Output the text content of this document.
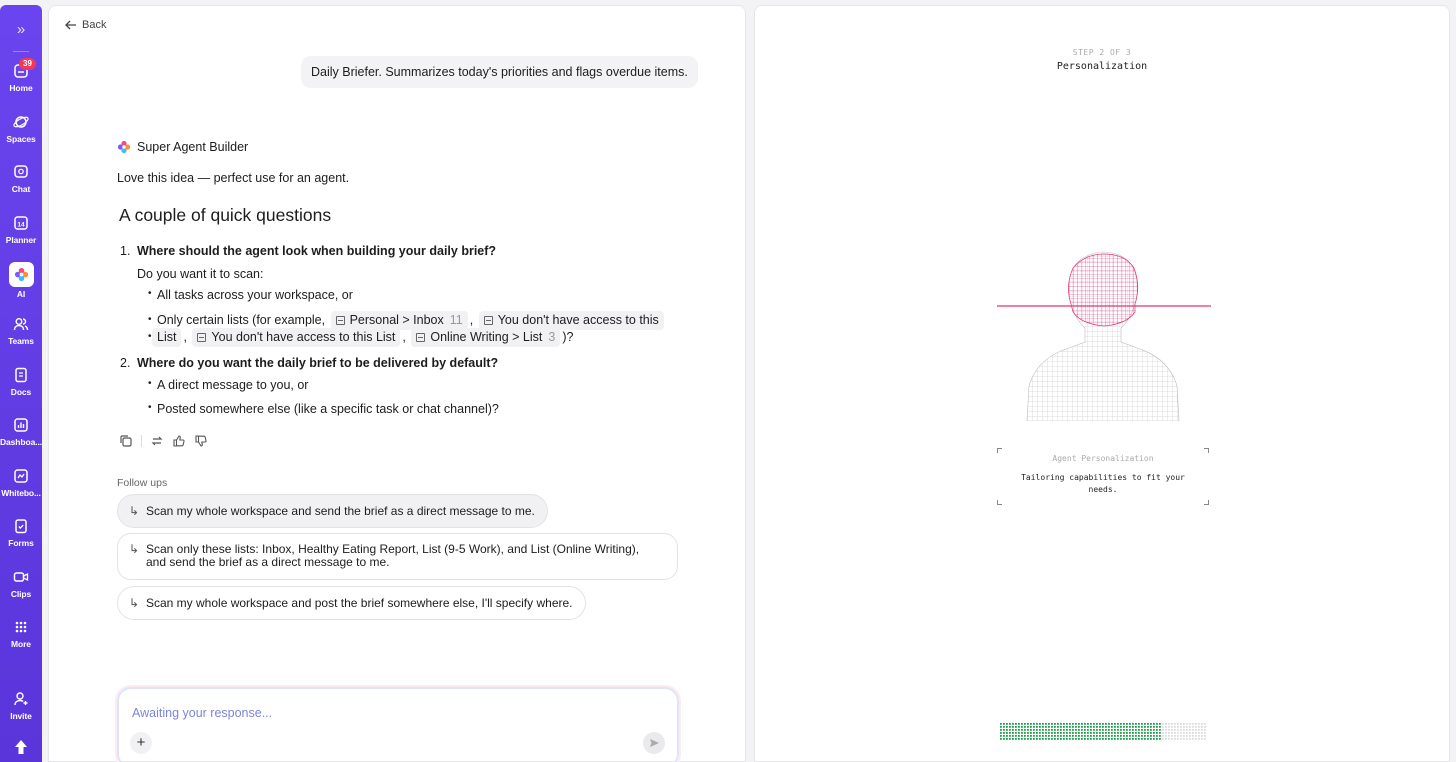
»
39
Home
Spaces
Chat
14
Planner
AI
Teams
Docs
Dashboa...
Whitebo...
Forms
Clips
More
Invite
Back
Daily Briefer. Summarizes today's priorities and flags overdue items.
Super Agent Builder
Love this idea — perfect use for an agent.
A couple of quick questions
1. Where should the agent look when building your daily brief?
Do you want it to scan:
• All tasks across your workspace, or
• Only certain lists (for example, Personal > Inbox 11 , You don't have access to this
• List , You don't have access to this List , Online Writing > List 3 )?
2. Where do you want the daily brief to be delivered by default?
• A direct message to you, or
• Posted somewhere else (like a specific task or chat channel)?
Follow ups
↳ Scan my whole workspace and send the brief as a direct message to me.
↳ Scan only these lists: Inbox, Healthy Eating Report, List (9-5 Work), and List (Online Writing),
and send the brief as a direct message to me.
↳ Scan my whole workspace and post the brief somewhere else, I'll specify where.
Awaiting your response...
+
STEP 2 OF 3
Personalization
Agent Personalization
Tailoring capabilities to fit your needs.
